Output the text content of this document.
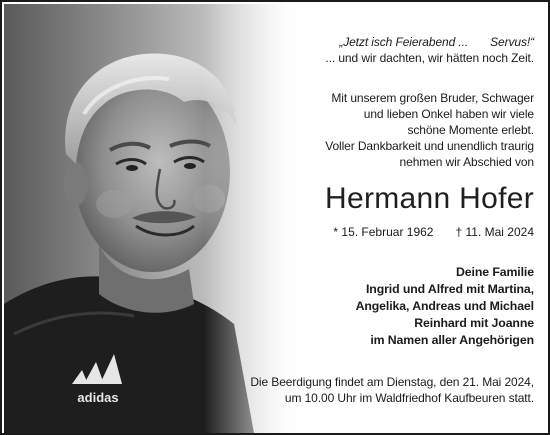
adidas
„Jetzt isch Feierabend ... Servus!“
... und wir dachten, wir hätten noch Zeit.
Mit unserem großen Bruder, Schwager
und lieben Onkel haben wir viele
schöne Momente erlebt.
Voller Dankbarkeit und unendlich traurig
nehmen wir Abschied von
Hermann Hofer
* 15. Februar 1962 † 11. Mai 2024
Deine Familie
Ingrid und Alfred mit Martina,
Angelika, Andreas und Michael
Reinhard mit Joanne
im Namen aller Angehörigen
Die Beerdigung findet am Dienstag, den 21. Mai 2024,
um 10.00 Uhr im Waldfriedhof Kaufbeuren statt.
